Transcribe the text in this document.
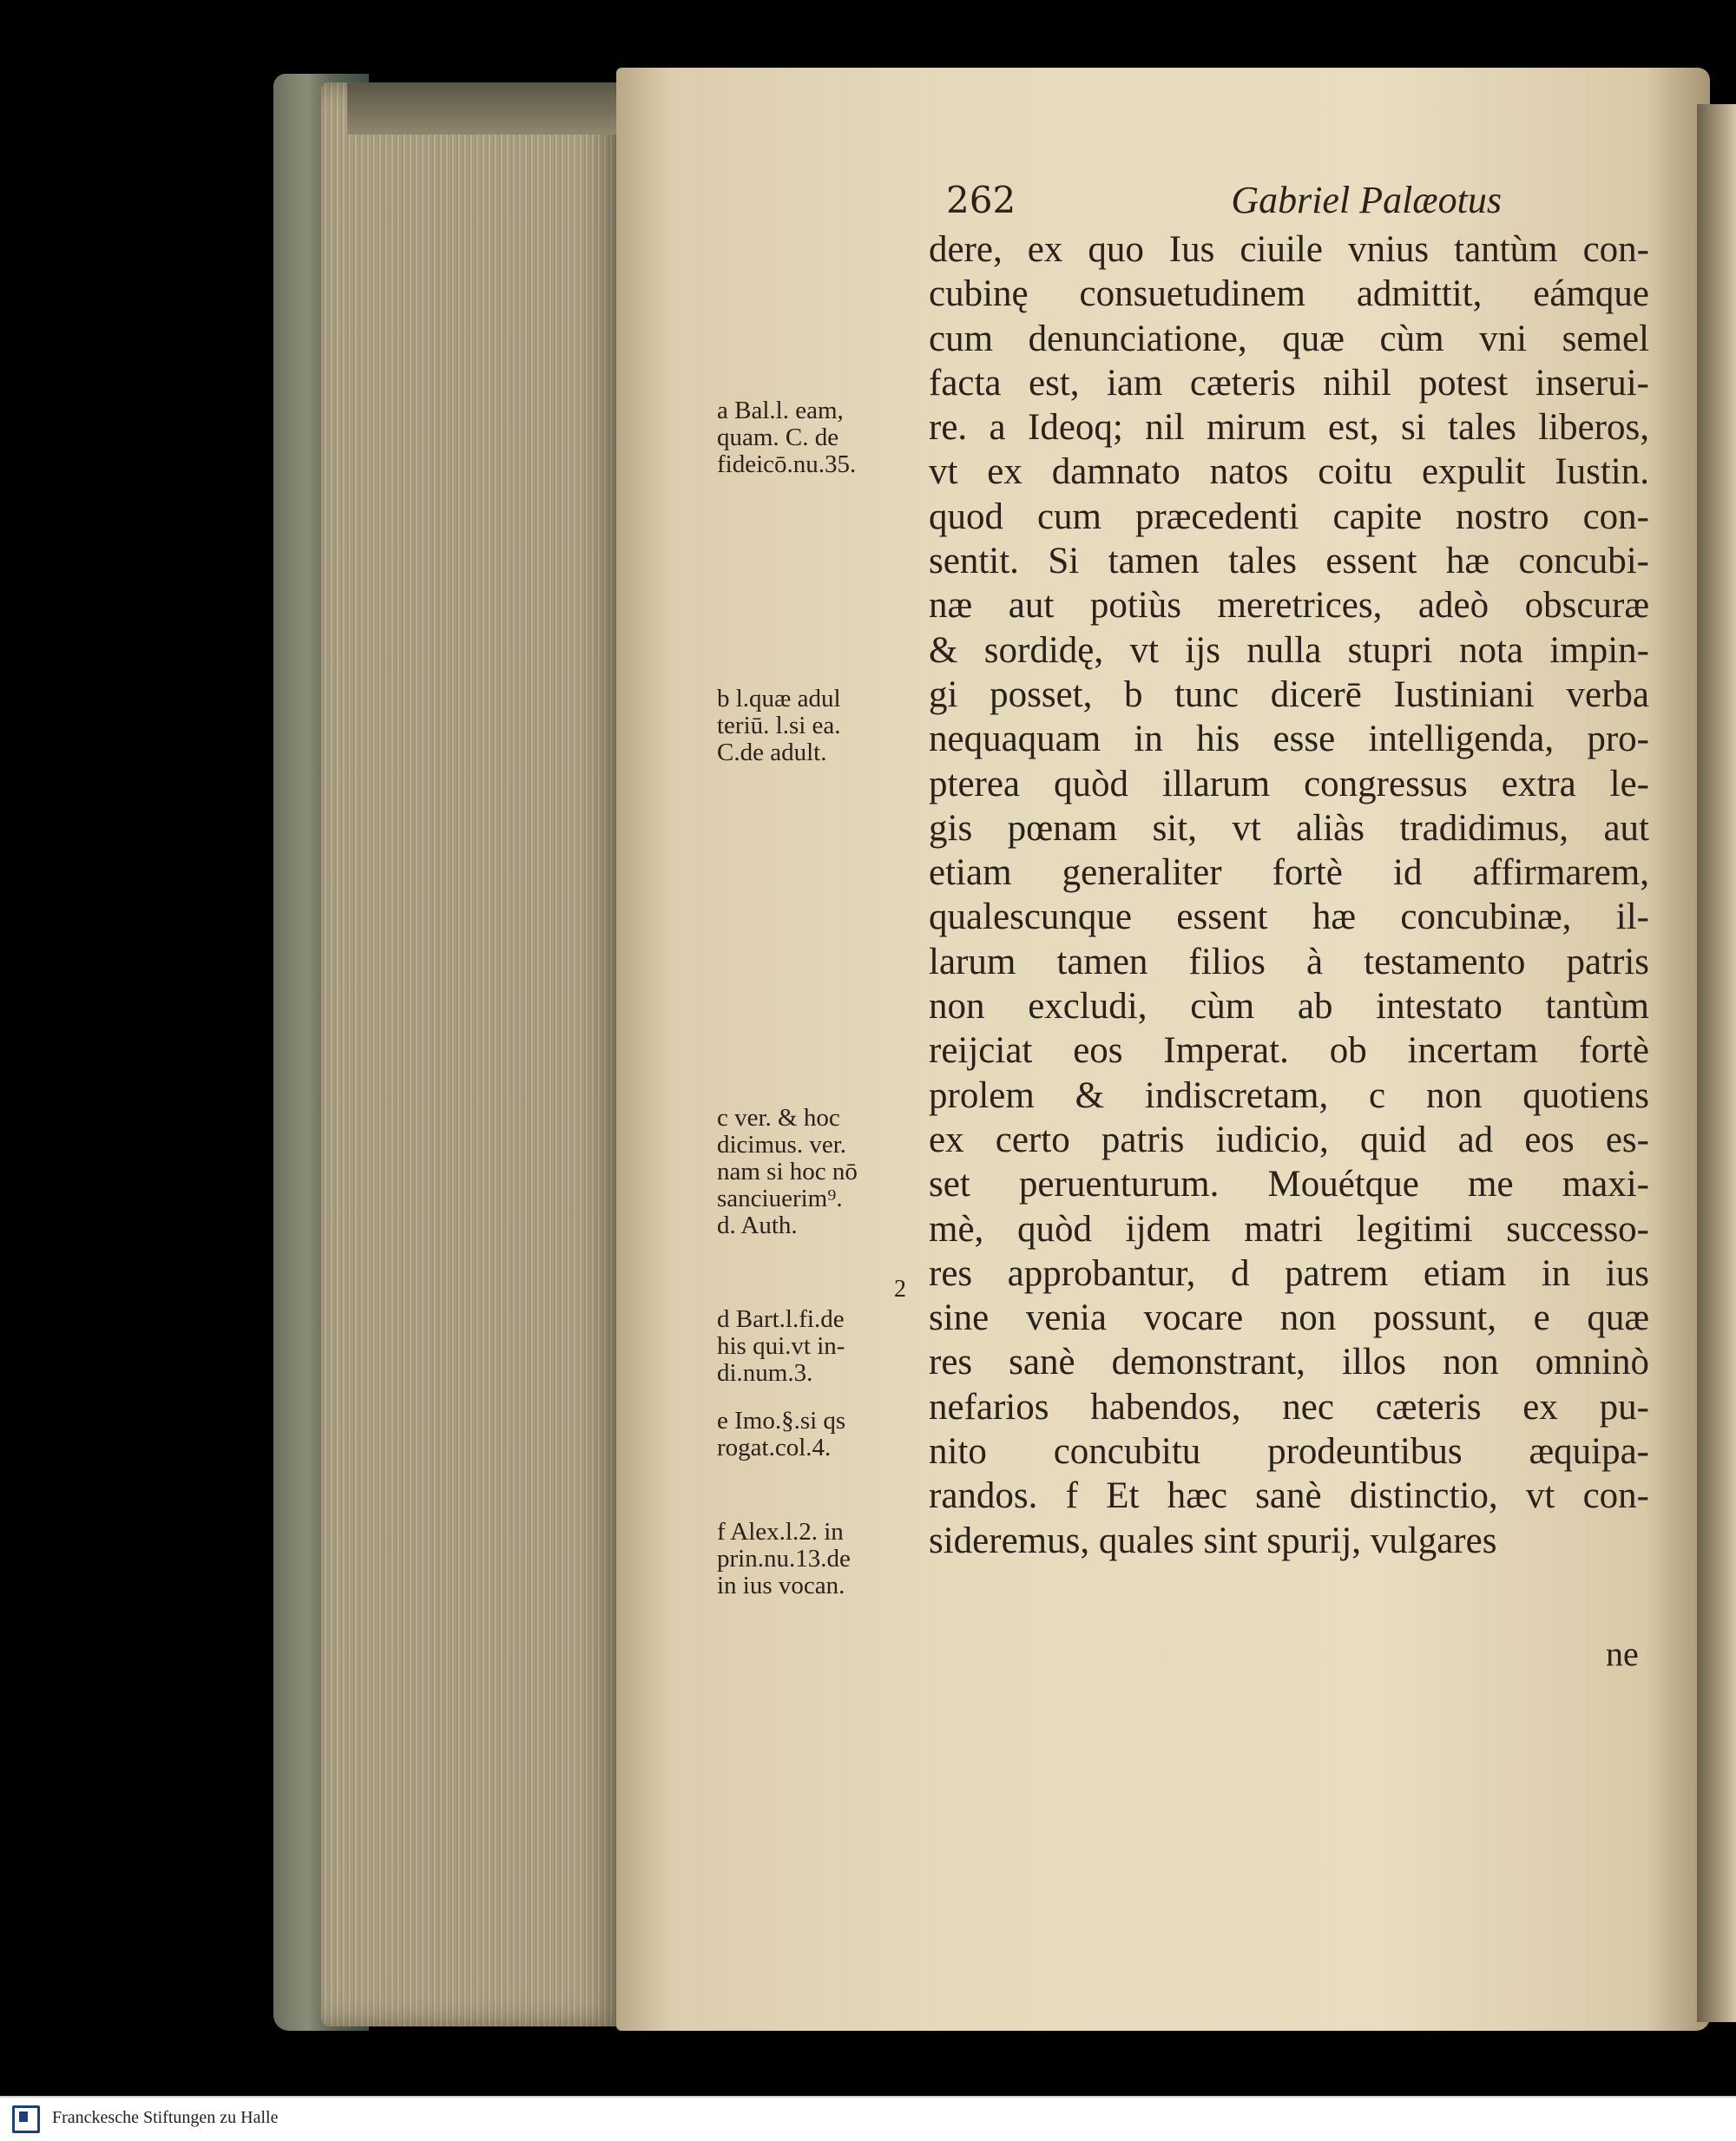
262	Gabriel Palæotus
dere, ex quo Ius ciuile vnius tantùm con-
cubinę consuetudinem admittit, eámque
cum denunciatione, quæ cùm vni semel
facta est, iam cæteris nihil potest inserui-
re. a Ideoq; nil mirum est, si tales liberos,
vt ex damnato natos coitu expulit Iustin.
quod cum præcedenti capite nostro con-
sentit. Si tamen tales essent hæ concubi-
næ aut potiùs meretrices, adeò obscuræ
& sordidę, vt ijs nulla stupri nota impin-
gi posset, b tunc dicerē Iustiniani verba
nequaquam in his esse intelligenda, pro-
pterea quòd illarum congressus extra le-
gis pœnam sit, vt aliàs tradidimus, aut
etiam generaliter fortè id affirmarem,
qualescunque essent hæ concubinæ, il-
larum tamen filios à testamento patris
non excludi, cùm ab intestato tantùm
reijciat eos Imperat. ob incertam fortè
prolem & indiscretam, c non quotiens
ex certo patris iudicio, quid ad eos es-
set peruenturum. Mouétque me maxi-
mè, quòd ijdem matri legitimi successo-
res approbantur, d patrem etiam in ius
sine venia vocare non possunt, e quæ
res sanè demonstrant, illos non omninò
nefarios habendos, nec cæteris ex pu-
nito concubitu prodeuntibus æquipa-
randos. f Et hæc sanè distinctio, vt con-
sideremus, quales sint spurij, vulgares
ne
a Bal.l. eam,
quam. C. de
fideicō.nu.35.
b l.quæ adul
teriū. l.si ea.
C.de adult.
c ver. & hoc
dicimus. ver.
nam si hoc nō
sanciuerim⁹.
d. Auth.
d Bart.l.fi.de
his qui.vt in-
di.num.3.
e Imo.§.si qs
rogat.col.4.
f Alex.l.2. in
prin.nu.13.de
in ius vocan.
2
Franckesche Stiftungen zu Halle
